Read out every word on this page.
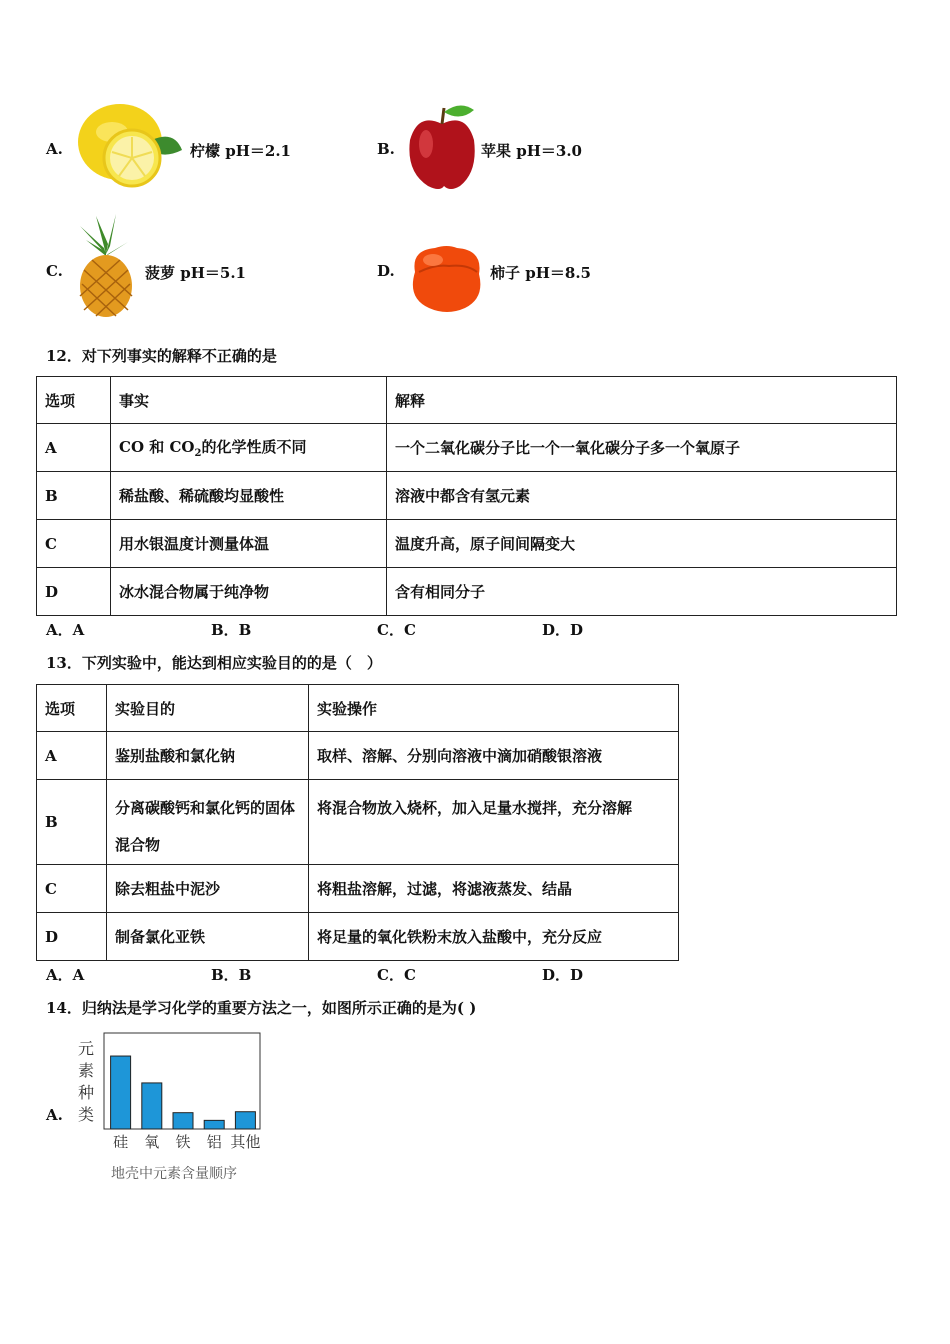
A.	柠檬 pH＝2.1	B.	苹果 pH＝3.0
C.	菠萝 pH＝5.1	D.	柿子 pH＝8.5
12．对下列事实的解释不正确的是
选项	事实	解释
A	CO 和 $CO_2$的化学性质不同	一个二氧化碳分子比一个一氧化碳分子多一个氧原子
B	稀盐酸、稀硫酸均显酸性	溶液中都含有氢元素
C	用水银温度计测量体温	温度升高，原子间间隔变大
D	冰水混合物属于纯净物	含有相同分子
A．A	B．B	C．C	D．D
13．下列实验中，能达到相应实验目的的是（　）
选项	实验目的	实验操作
A	鉴别盐酸和氯化钠	取样、溶解、分别向溶液中滴加硝酸银溶液
B	分离碳酸钙和氯化钙的固体混合物	将混合物放入烧杯，加入足量水搅拌，充分溶解
C	除去粗盐中泥沙	将粗盐溶解，过滤，将滤液蒸发、结晶
D	制备氯化亚铁	将足量的氧化铁粉末放入盐酸中，充分反应
A．A	B．B	C．C	D．D
14．归纳法是学习化学的重要方法之一，如图所示正确的是为( )
A.
元
素
种
类
硅 氧 铁 铝 其他
地壳中元素含量顺序
